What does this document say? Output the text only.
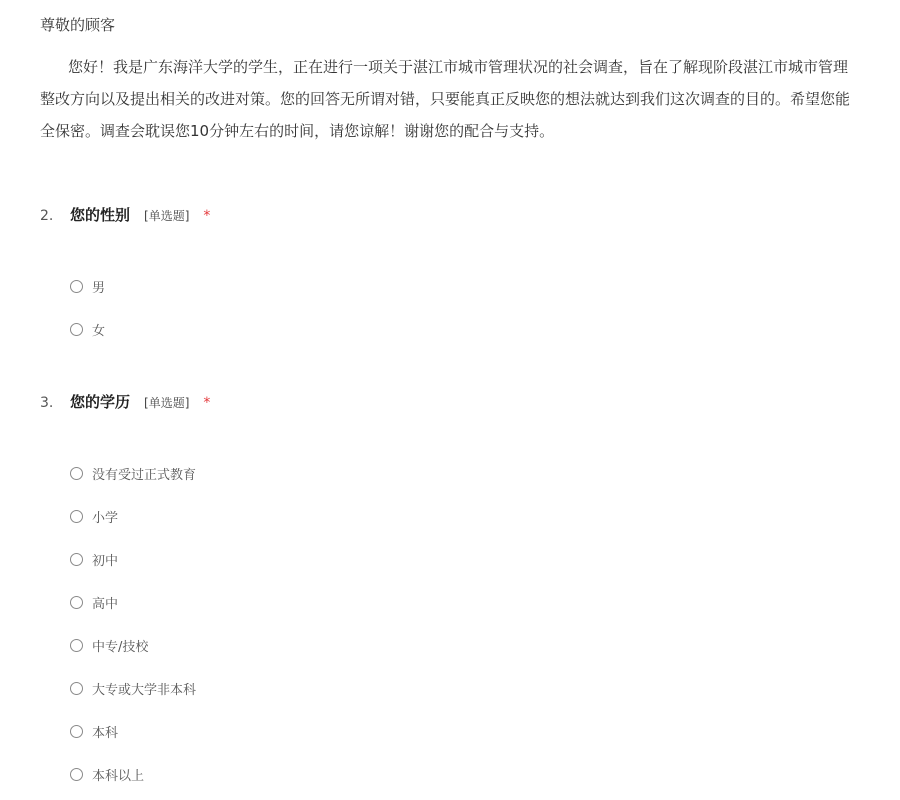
尊敬的顾客
您好！我是广东海洋大学的学生，正在进行一项关于湛江市城市管理状况的社会调查，旨在了解现阶段湛江市城市管理
整改方向以及提出相关的改进对策。您的回答无所谓对错，只要能真正反映您的想法就达到我们这次调查的目的。希望您能
全保密。调查会耽误您10分钟左右的时间，请您谅解！谢谢您的配合与支持。
2.	您的性别 [单选题] *
男
女
3.	您的学历 [单选题] *
没有受过正式教育
小学
初中
高中
中专/技校
大专或大学非本科
本科
本科以上
